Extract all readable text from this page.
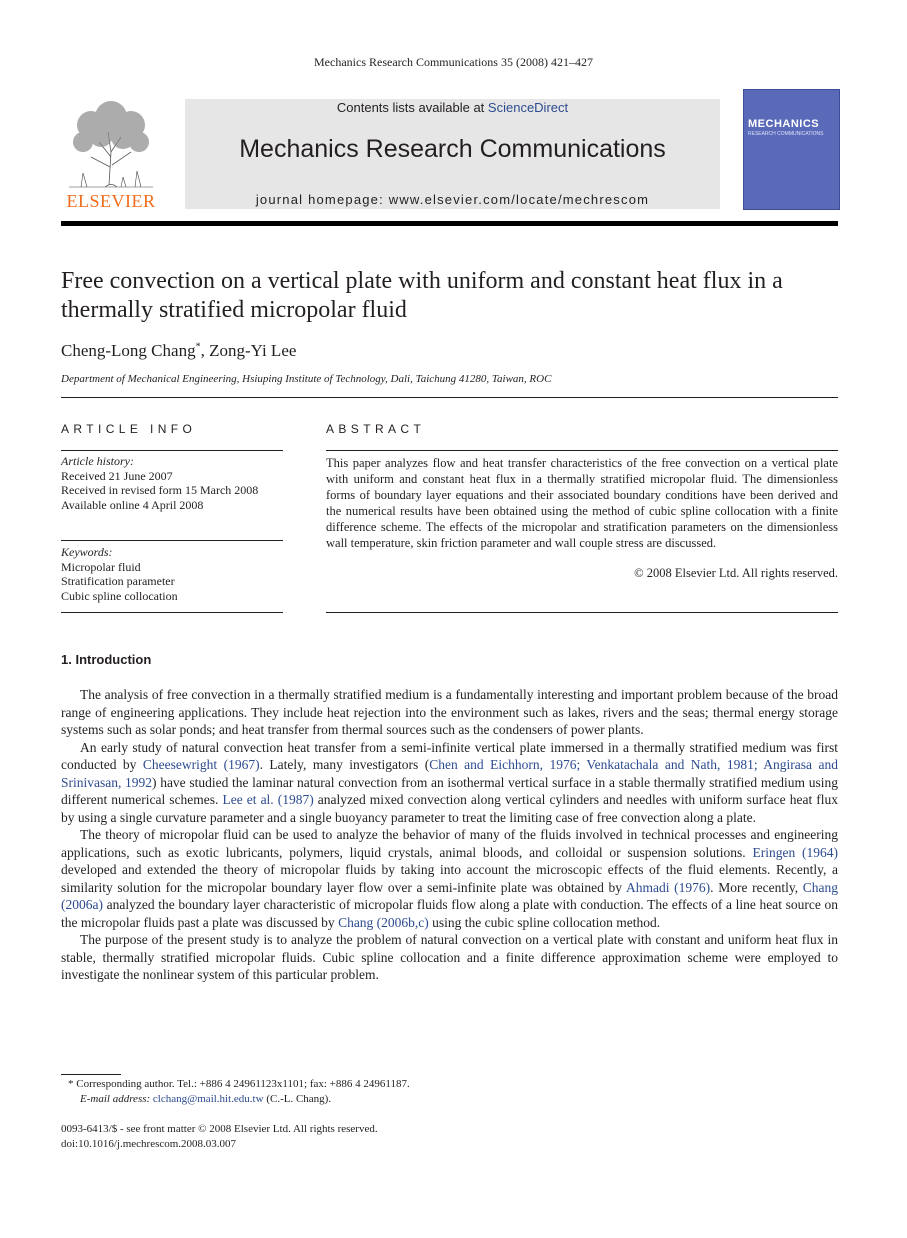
Mechanics Research Communications 35 (2008) 421–427
ELSEVIER
Contents lists available at ScienceDirect
Mechanics Research Communications
journal homepage: www.elsevier.com/locate/mechrescom
MECHANICS
RESEARCH COMMUNICATIONS
Free convection on a vertical plate with uniform and constant heat flux in a thermally stratified micropolar fluid
Cheng-Long Chang*, Zong-Yi Lee
Department of Mechanical Engineering, Hsiuping Institute of Technology, Dali, Taichung 41280, Taiwan, ROC
ARTICLE INFO	ABSTRACT
Article history:
Received 21 June 2007
Received in revised form 15 March 2008
Available online 4 April 2008
Keywords:
Micropolar fluid
Stratification parameter
Cubic spline collocation
This paper analyzes flow and heat transfer characteristics of the free convection on a vertical plate with uniform and constant heat flux in a thermally stratified micropolar fluid. The dimensionless forms of boundary layer equations and their associated boundary conditions have been derived and the numerical results have been obtained using the method of cubic spline collocation with a finite difference scheme. The effects of the micropolar and stratification parameters on the dimensionless wall temperature, skin friction parameter and wall couple stress are discussed.
© 2008 Elsevier Ltd. All rights reserved.
1. Introduction

The analysis of free convection in a thermally stratified medium is a fundamentally interesting and important problem because of the broad range of engineering applications. They include heat rejection into the environment such as lakes, rivers and the seas; thermal energy storage systems such as solar ponds; and heat transfer from thermal sources such as the condensers of power plants.

An early study of natural convection heat transfer from a semi-infinite vertical plate immersed in a thermally stratified medium was first conducted by Cheesewright (1967). Lately, many investigators (Chen and Eichhorn, 1976; Venkatachala and Nath, 1981; Angirasa and Srinivasan, 1992) have studied the laminar natural convection from an isothermal vertical surface in a stable thermally stratified medium using different numerical schemes. Lee et al. (1987) analyzed mixed convection along vertical cylinders and needles with uniform surface heat flux by using a single curvature parameter and a single buoyancy parameter to treat the limiting case of free convection along a plate.

The theory of micropolar fluid can be used to analyze the behavior of many of the fluids involved in technical processes and engineering applications, such as exotic lubricants, polymers, liquid crystals, animal bloods, and colloidal or suspension solutions. Eringen (1964) developed and extended the theory of micropolar fluids by taking into account the microscopic effects of the fluid elements. Recently, a similarity solution for the micropolar boundary layer flow over a semi-infinite plate was obtained by Ahmadi (1976). More recently, Chang (2006a) analyzed the boundary layer characteristic of micropolar fluids flow along a plate with conduction. The effects of a line heat source on the micropolar fluids past a plate was discussed by Chang (2006b,c) using the cubic spline collocation method.

The purpose of the present study is to analyze the problem of natural convection on a vertical plate with constant and uniform heat flux in stable, thermally stratified micropolar fluids. Cubic spline collocation and a finite difference approximation scheme were employed to investigate the nonlinear system of this particular problem.

* Corresponding author. Tel.: +886 4 24961123x1101; fax: +886 4 24961187.
E-mail address: clchang@mail.hit.edu.tw (C.-L. Chang).
0093-6413/$ - see front matter © 2008 Elsevier Ltd. All rights reserved.
doi:10.1016/j.mechrescom.2008.03.007
